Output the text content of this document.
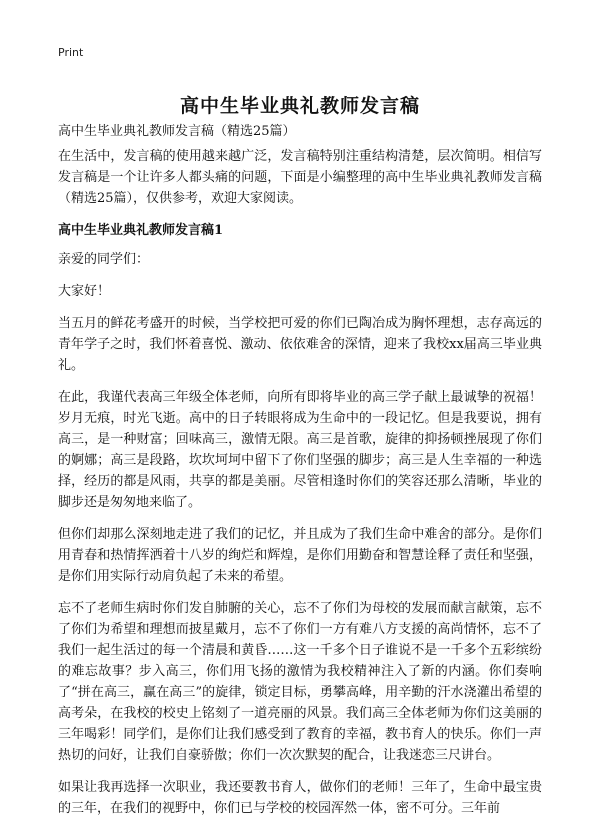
Print
高中生毕业典礼教师发言稿
高中生毕业典礼教师发言稿（精选25篇）

在生活中，发言稿的使用越来越广泛，发言稿特别注重结构清楚，层次简明。相信写发言稿是一个让许多人都头痛的问题，下面是小编整理的高中生毕业典礼教师发言稿（精选25篇），仅供参考，欢迎大家阅读。

高中生毕业典礼教师发言稿1

亲爱的同学们：

大家好！

当五月的鲜花考盛开的时候，当学校把可爱的你们已陶冶成为胸怀理想，志存高远的青年学子之时，我们怀着喜悦、激动、依依难舍的深情，迎来了我校xx届高三毕业典礼。

在此，我谨代表高三年级全体老师，向所有即将毕业的高三学子献上最诚挚的祝福！岁月无痕，时光飞逝。高中的日子转眼将成为生命中的一段记忆。但是我要说，拥有高三，是一种财富；回味高三，激情无限。高三是首歌，旋律的抑扬顿挫展现了你们的婀娜；高三是段路，坎坎坷坷中留下了你们坚强的脚步；高三是人生幸福的一种选择，经历的都是风雨，共享的都是美丽。尽管相逢时你们的笑容还那么清晰，毕业的脚步还是匆匆地来临了。

但你们却那么深刻地走进了我们的记忆，并且成为了我们生命中难舍的部分。是你们用青春和热情挥洒着十八岁的绚烂和辉煌，是你们用勤奋和智慧诠释了责任和坚强，是你们用实际行动肩负起了未来的希望。

忘不了老师生病时你们发自肺腑的关心，忘不了你们为母校的发展而献言献策，忘不了你们为希望和理想而披星戴月，忘不了你们一方有难八方支援的高尚情怀，忘不了我们一起生活过的每一个清晨和黄昏……这一千多个日子谁说不是一千多个五彩缤纷的难忘故事？步入高三，你们用飞扬的激情为我校精神注入了新的内涵。你们奏响了“拼在高三，赢在高三”的旋律，锁定目标，勇攀高峰，用辛勤的汗水浇灌出希望的高考朵，在我校的校史上铭刻了一道亮丽的风景。我们高三全体老师为你们这美丽的三年喝彩！同学们，是你们让我们感受到了教育的幸福，教书育人的快乐。你们一声热切的问好，让我们自豪骄傲；你们一次次默契的配合，让我迷恋三尺讲台。

如果让我再选择一次职业，我还要教书育人，做你们的老师！三年了，生命中最宝贵的三年，在我们的视野中，你们已与学校的校园浑然一体，密不可分。三年前
